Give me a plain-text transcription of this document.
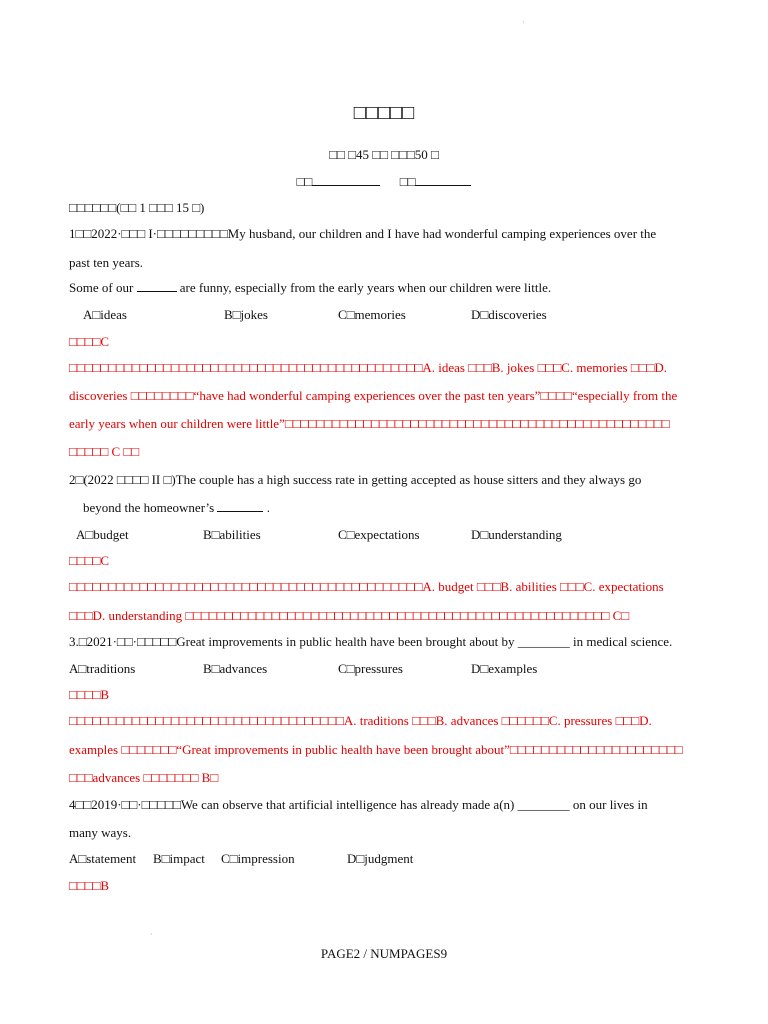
·
□□□□□
□□ □45 □□ □□□50 □
□□	□□
□□□□□□(□□ 1 □□□ 15 □)
1□□2022·□□□ I·□□□□□□□□□My husband, our children and I have had wonderful camping experiences over the
past ten years.
Some of our	are funny, especially from the early years when our children were little.
A□ideas	B□jokes	C□memories	D□discoveries
□□□□C
□□□□□□□□□□□□□□□□□□□□□□□□□□□□□□□□□□□□□□□□□□□□□A. ideas □□□B. jokes □□□C. memories □□□D.
discoveries □□□□□□□□“have had wonderful camping experiences over the past ten years”□□□□“especially from the
early years when our children were little”□□□□□□□□□□□□□□□□□□□□□□□□□□□□□□□□□□□□□□□□□□□□□□□□□
□□□□□ C □□
2□(2022 □□□□ II □)The couple has a high success rate in getting accepted as house sitters and they always go
beyond the homeowner’s	.
A□budget	B□abilities	C□expectations	D□understanding
□□□□C
□□□□□□□□□□□□□□□□□□□□□□□□□□□□□□□□□□□□□□□□□□□□□A. budget □□□B. abilities □□□C. expectations
□□□D. understanding □□□□□□□□□□□□□□□□□□□□□□□□□□□□□□□□□□□□□□□□□□□□□□□□□□□□□□ C□
3.□2021·□□·□□□□□Great improvements in public health have been brought about by ________ in medical science.
A□traditions	B□advances	C□pressures	D□examples
□□□□B
□□□□□□□□□□□□□□□□□□□□□□□□□□□□□□□□□□□A. traditions □□□B. advances □□□□□□C. pressures □□□D.
examples □□□□□□□“Great improvements in public health have been brought about”□□□□□□□□□□□□□□□□□□□□□□
□□□advances □□□□□□□ B□
4□□2019·□□·□□□□□We can observe that artificial intelligence has already made a(n) ________ on our lives in
many ways.
A□statement B□impact C□impression	D□judgment
□□□□B
·
PAGE2 / NUMPAGES9
